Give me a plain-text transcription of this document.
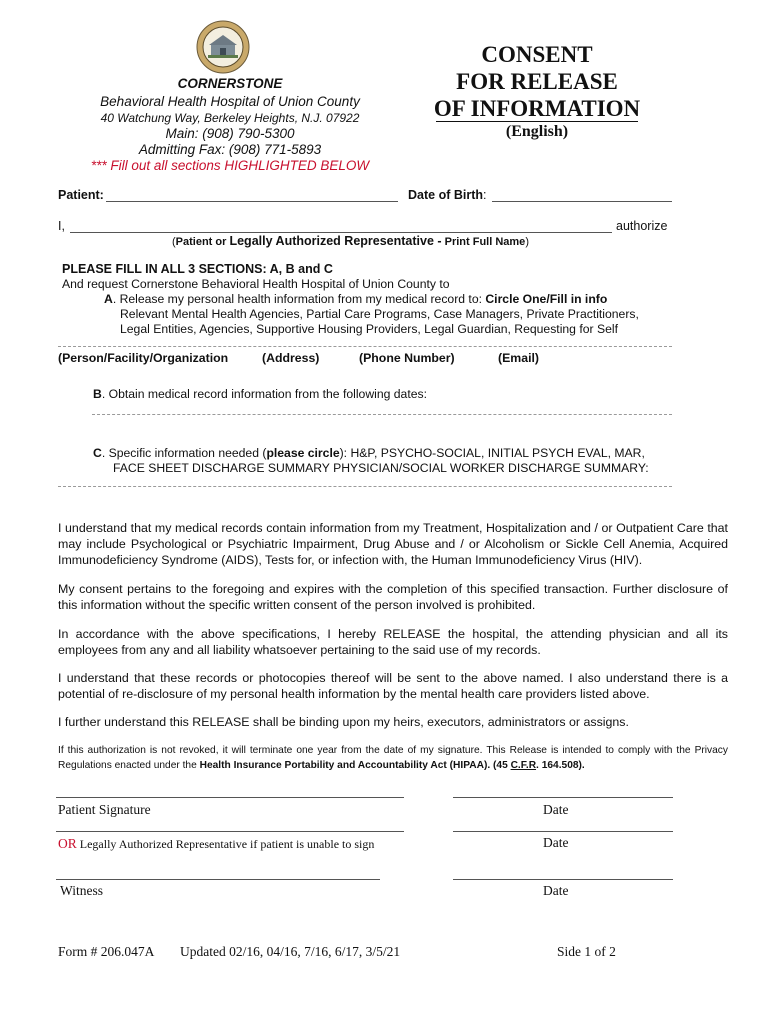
CORNERSTONE
Behavioral Health Hospital of Union County
40 Watchung Way, Berkeley Heights, N.J. 07922
Main: (908) 790-5300
Admitting Fax: (908) 771-5893
*** Fill out all sections HIGHLIGHTED BELOW
CONSENT
FOR RELEASE
OF INFORMATION
(English)
Patient:	Date of Birth:
I,	authorize
(Patient or Legally Authorized Representative - Print Full Name)
PLEASE FILL IN ALL 3 SECTIONS: A, B and C
And request Cornerstone Behavioral Health Hospital of Union County to
A. Release my personal health information from my medical record to: Circle One/Fill in info
Relevant Mental Health Agencies, Partial Care Programs, Case Managers, Private Practitioners,
Legal Entities, Agencies, Supportive Housing Providers, Legal Guardian, Requesting for Self
(Person/Facility/Organization	(Address)	(Phone Number)	(Email)
B. Obtain medical record information from the following dates:
C. Specific information needed (please circle): H&P, PSYCHO-SOCIAL, INITIAL PSYCH EVAL, MAR,
FACE SHEET DISCHARGE SUMMARY PHYSICIAN/SOCIAL WORKER DISCHARGE SUMMARY:
I understand that my medical records contain information from my Treatment, Hospitalization and / or Outpatient Care that may include Psychological or Psychiatric Impairment, Drug Abuse and / or Alcoholism or Sickle Cell Anemia, Acquired Immunodeficiency Syndrome (AIDS), Tests for, or infection with, the Human Immunodeficiency Virus (HIV).
My consent pertains to the foregoing and expires with the completion of this specified transaction. Further disclosure of this information without the specific written consent of the person involved is prohibited.
In accordance with the above specifications, I hereby RELEASE the hospital, the attending physician and all its employees from any and all liability whatsoever pertaining to the said use of my records.
I understand that these records or photocopies thereof will be sent to the above named. I also understand there is a potential of re-disclosure of my personal health information by the mental health care providers listed above.
I further understand this RELEASE shall be binding upon my heirs, executors, administrators or assigns.
If this authorization is not revoked, it will terminate one year from the date of my signature. This Release is intended to comply with the Privacy Regulations enacted under the Health Insurance Portability and Accountability Act (HIPAA). (45 C.F.R. 164.508).
Patient Signature	Date
OR Legally Authorized Representative if patient is unable to sign	Date
Witness	Date
Form # 206.047A Updated 02/16, 04/16, 7/16, 6/17, 3/5/21	Side 1 of 2
